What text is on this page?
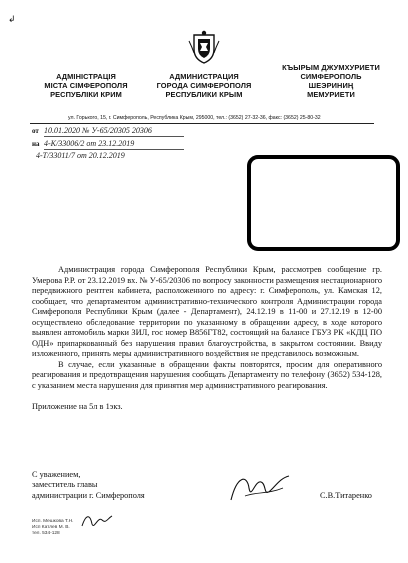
↲
АДМІНІСТРАЦІЯ
МІСТА СІМФЕРОПОЛЯ
РЕСПУБЛІКИ КРИМ
АДМИНИСТРАЦИЯ
ГОРОДА СИМФЕРОПОЛЯ
РЕСПУБЛИКИ КРЫМ
КЪЫРЫМ ДЖУМХУРИЕТИ
СИМФЕРОПОЛЬ
ШЕЭРИНИҢ
МЕМУРИЕТИ
ул. Горького, 15, г. Симферополь, Республика Крым, 295000, тел.: (3652) 27-32-36, факс: (3652) 25-80-32
от 10.01.2020 № У-65/20305 20306
на 4-К/33006/2 от 23.12.2019
4-Т/33011/7 от 20.12.2019

Администрация города Симферополя Республики Крым, рассмотрев сообщение гр. Умерова Р.Р. от 23.12.2019 вх. № У-65/20306 по вопросу законности размещения нестационарного передвижного рентген кабинета, расположенного по адресу: г. Симферополь, ул. Камская 12, сообщает, что департаментом административно-технического контроля Администрации города Симферополя Республики Крым (далее - Департамент), 24.12.19 в 11-00 и 27.12.19 в 12-00 осуществлено обследование территории по указанному в обращении адресу, в ходе которого выявлен автомобиль марки ЗИЛ, гос номер В856ГТ82, состоящий на балансе ГБУЗ РК «КДЦ ПО ОДН» припаркованный без нарушения правил благоустройства, в закрытом состоянии. Ввиду изложенного, принять меры административного воздействия не представилось возможным.

В случае, если указанные в обращении факты повторятся, просим для оперативного реагирования и предотвращения нарушения сообщать Департаменту по телефону (3652) 534-128, с указанием места нарушения для принятия мер административного реагирования.

Приложение на 5л в 1экз.

С уважением,
заместитель главы
администрации г. Симферополя	С.В.Титаренко
Исп. Мешкова Т.Н.
Исп Катлев М. В.
тел. 534-128
